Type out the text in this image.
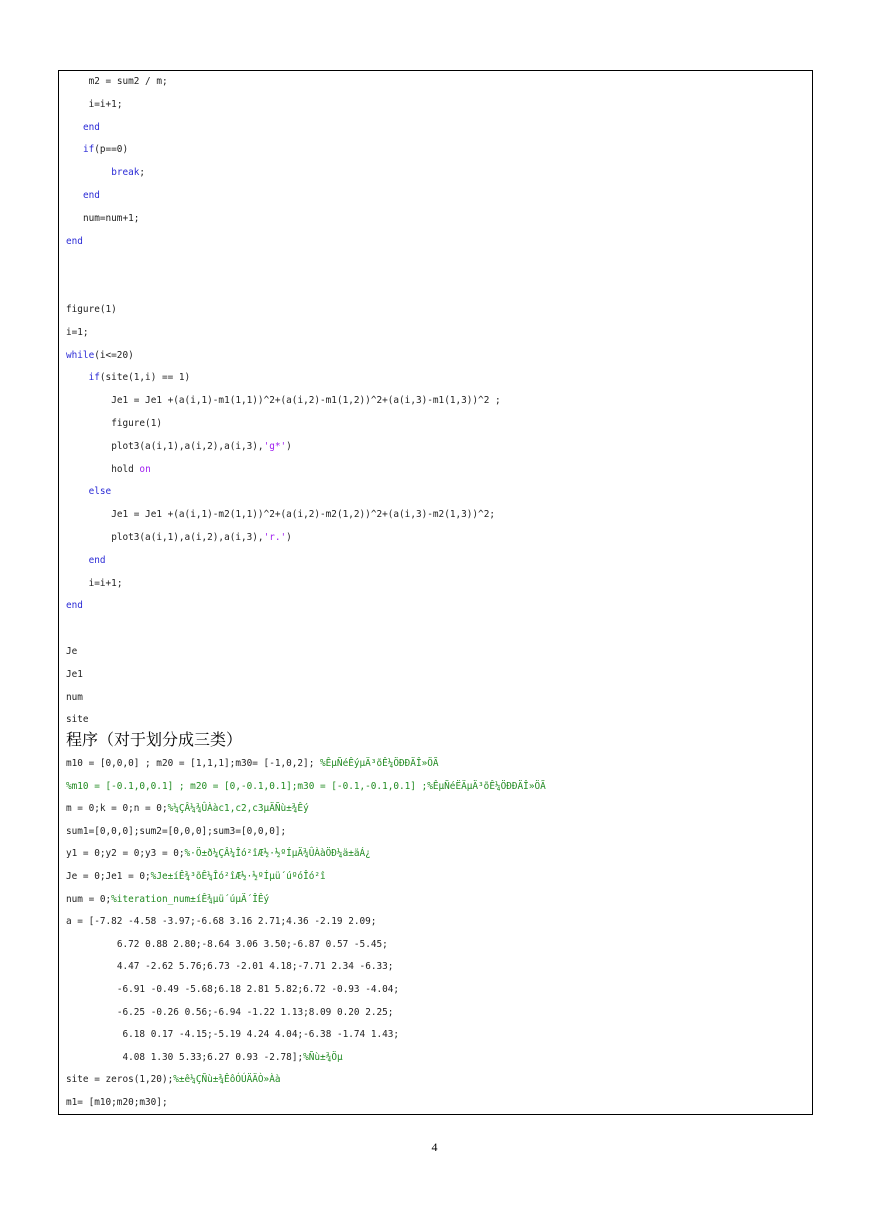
m2 = sum2 / m;
i=i+1;
end
if(p==0)
break;
end
num=num+1;
end
figure(1)
i=1;
while(i<=20)
if(site(1,i) == 1)
Je1 = Je1 +(a(i,1)-m1(1,1))^2+(a(i,2)-m1(1,2))^2+(a(i,3)-m1(1,3))^2 ;
figure(1)
plot3(a(i,1),a(i,2),a(i,3),'g*')
hold on
else
Je1 = Je1 +(a(i,1)-m2(1,1))^2+(a(i,2)-m2(1,2))^2+(a(i,3)-m2(1,3))^2;
plot3(a(i,1),a(i,2),a(i,3),'r.')
end
i=i+1;
end
Je
Je1
num
site
程序（对于划分成三类）
m10 = [0,0,0] ; m20 = [1,1,1];m30= [-1,0,2]; %ÊµÑéÊýµÄ³õÊ¼ÖÐÐÄÎ»ÖÃ
%m10 = [-0.1,0,0.1] ; m20 = [0,-0.1,0.1];m30 = [-0.1,-0.1,0.1] ;%ÊµÑéËÄµÄ³õÊ¼ÖÐÐÄÎ»ÖÃ
m = 0;k = 0;n = 0;%¼ÇÂ¼¾ÛÀàc1,c2,c3µÄÑù±¾Êý
sum1=[0,0,0];sum2=[0,0,0];sum3=[0,0,0];
y1 = 0;y2 = 0;y3 = 0;%·Ö±ð¼ÇÂ¼Îó²îÆ½·½ºÍµÄ¾ÛÀàÖÐ¼ä±äÁ¿
Je = 0;Je1 = 0;%Je±íÊ¾³õÊ¼Îó²îÆ½·½ºÍµü´úºóÎó²î
num = 0;%iteration_num±íÊ¾µü´úµÄ´ÎÊý
a = [-7.82 -4.58 -3.97;-6.68 3.16 2.71;4.36 -2.19 2.09;
6.72 0.88 2.80;-8.64 3.06 3.50;-6.87 0.57 -5.45;
4.47 -2.62 5.76;6.73 -2.01 4.18;-7.71 2.34 -6.33;
-6.91 -0.49 -5.68;6.18 2.81 5.82;6.72 -0.93 -4.04;
-6.25 -0.26 0.56;-6.94 -1.22 1.13;8.09 0.20 2.25;
6.18 0.17 -4.15;-5.19 4.24 4.04;-6.38 -1.74 1.43;
4.08 1.30 5.33;6.27 0.93 -2.78];%Ñù±¾Öµ
site = zeros(1,20);%±ê¼ÇÑù±¾ÊôÓÚÄÄÒ»Àà
m1= [m10;m20;m30];
4
